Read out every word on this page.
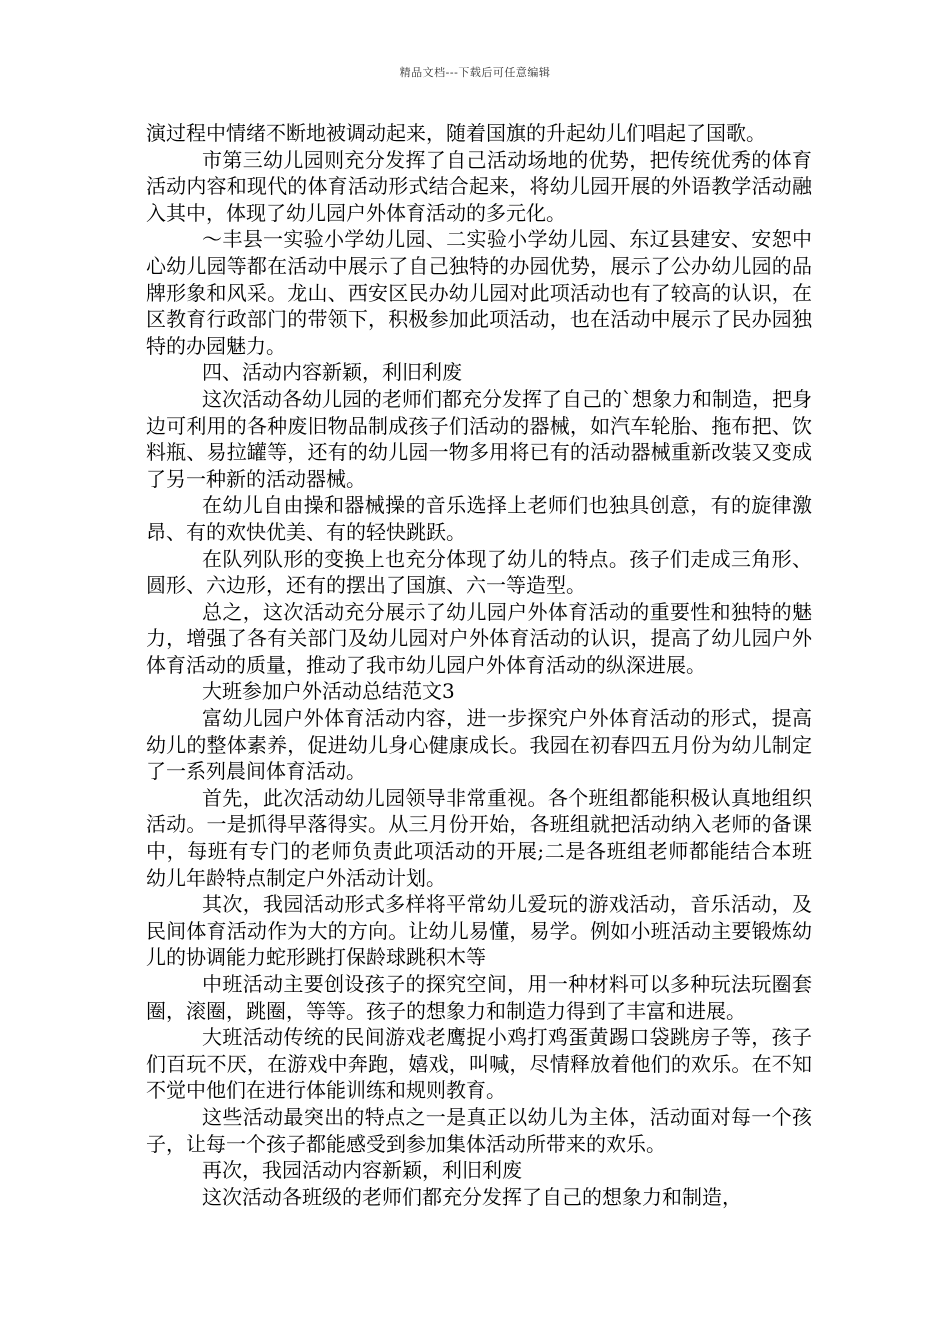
精品文档---下载后可任意编辑

演过程中情绪不断地被调动起来，随着国旗的升起幼儿们唱起了国歌。

市第三幼儿园则充分发挥了自己活动场地的优势，把传统优秀的体育活动内容和现代的体育活动形式结合起来，将幼儿园开展的外语教学活动融入其中，体现了幼儿园户外体育活动的多元化。

～丰县一实验小学幼儿园、二实验小学幼儿园、东辽县建安、安恕中心幼儿园等都在活动中展示了自己独特的办园优势，展示了公办幼儿园的品牌形象和风采。龙山、西安区民办幼儿园对此项活动也有了较高的认识，在区教育行政部门的带领下，积极参加此项活动，也在活动中展示了民办园独特的办园魅力。

四、活动内容新颖，利旧利废

这次活动各幼儿园的老师们都充分发挥了自己的`想象力和制造，把身边可利用的各种废旧物品制成孩子们活动的器械，如汽车轮胎、拖布把、饮料瓶、易拉罐等，还有的幼儿园一物多用将已有的活动器械重新改装又变成了另一种新的活动器械。

在幼儿自由操和器械操的音乐选择上老师们也独具创意，有的旋律激昂、有的欢快优美、有的轻快跳跃。

在队列队形的变换上也充分体现了幼儿的特点。孩子们走成三角形、圆形、六边形，还有的摆出了国旗、六一等造型。

总之，这次活动充分展示了幼儿园户外体育活动的重要性和独特的魅力，增强了各有关部门及幼儿园对户外体育活动的认识，提高了幼儿园户外体育活动的质量，推动了我市幼儿园户外体育活动的纵深进展。

大班参加户外活动总结范文3

富幼儿园户外体育活动内容，进一步探究户外体育活动的形式，提高幼儿的整体素养，促进幼儿身心健康成长。我园在初春四五月份为幼儿制定了一系列晨间体育活动。

首先，此次活动幼儿园领导非常重视。各个班组都能积极认真地组织活动。一是抓得早落得实。从三月份开始，各班组就把活动纳入老师的备课中，每班有专门的老师负责此项活动的开展;二是各班组老师都能结合本班幼儿年龄特点制定户外活动计划。

其次，我园活动形式多样将平常幼儿爱玩的游戏活动，音乐活动，及民间体育活动作为大的方向。让幼儿易懂，易学。例如小班活动主要锻炼幼儿的协调能力蛇形跳打保龄球跳积木等

中班活动主要创设孩子的探究空间，用一种材料可以多种玩法玩圈套圈，滚圈，跳圈，等等。孩子的想象力和制造力得到了丰富和进展。

大班活动传统的民间游戏老鹰捉小鸡打鸡蛋黄踢口袋跳房子等，孩子们百玩不厌，在游戏中奔跑，嬉戏，叫喊，尽情释放着他们的欢乐。在不知不觉中他们在进行体能训练和规则教育。

这些活动最突出的特点之一是真正以幼儿为主体，活动面对每一个孩子，让每一个孩子都能感受到参加集体活动所带来的欢乐。

再次，我园活动内容新颖，利旧利废

这次活动各班级的老师们都充分发挥了自己的想象力和制造，
